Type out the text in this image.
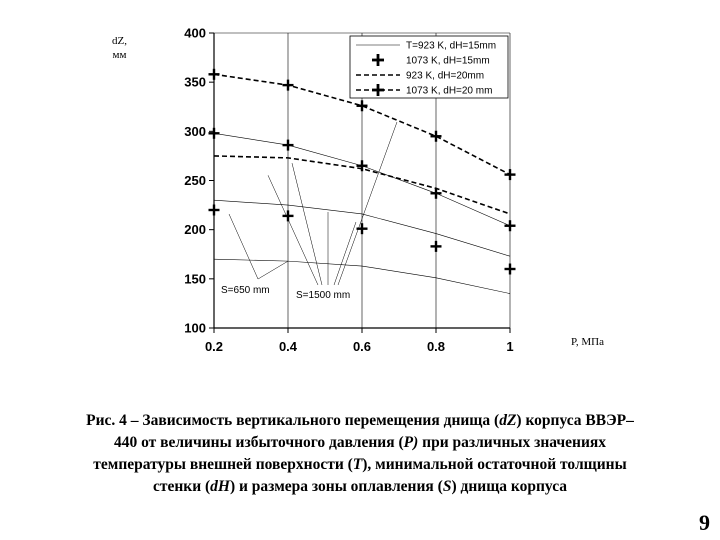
100
150
200
250
300
350
400
0.2	0.4	0.6	0.8	1
T=923 K, dH=15mm
1073 K, dH=15mm
923 K, dH=20mm
1073 K, dH=20 mm
S=650 mm	S=1500 mm
dZ,
мм
P, МПа
Рис. 4 – Зависимость вертикального перемещения днища (dZ) корпуса ВВЭР–
440 от величины избыточного давления (P) при различных значениях
температуры внешней поверхности (T), минимальной остаточной толщины
стенки (dH) и размера зоны оплавления (S) днища корпуса
9
